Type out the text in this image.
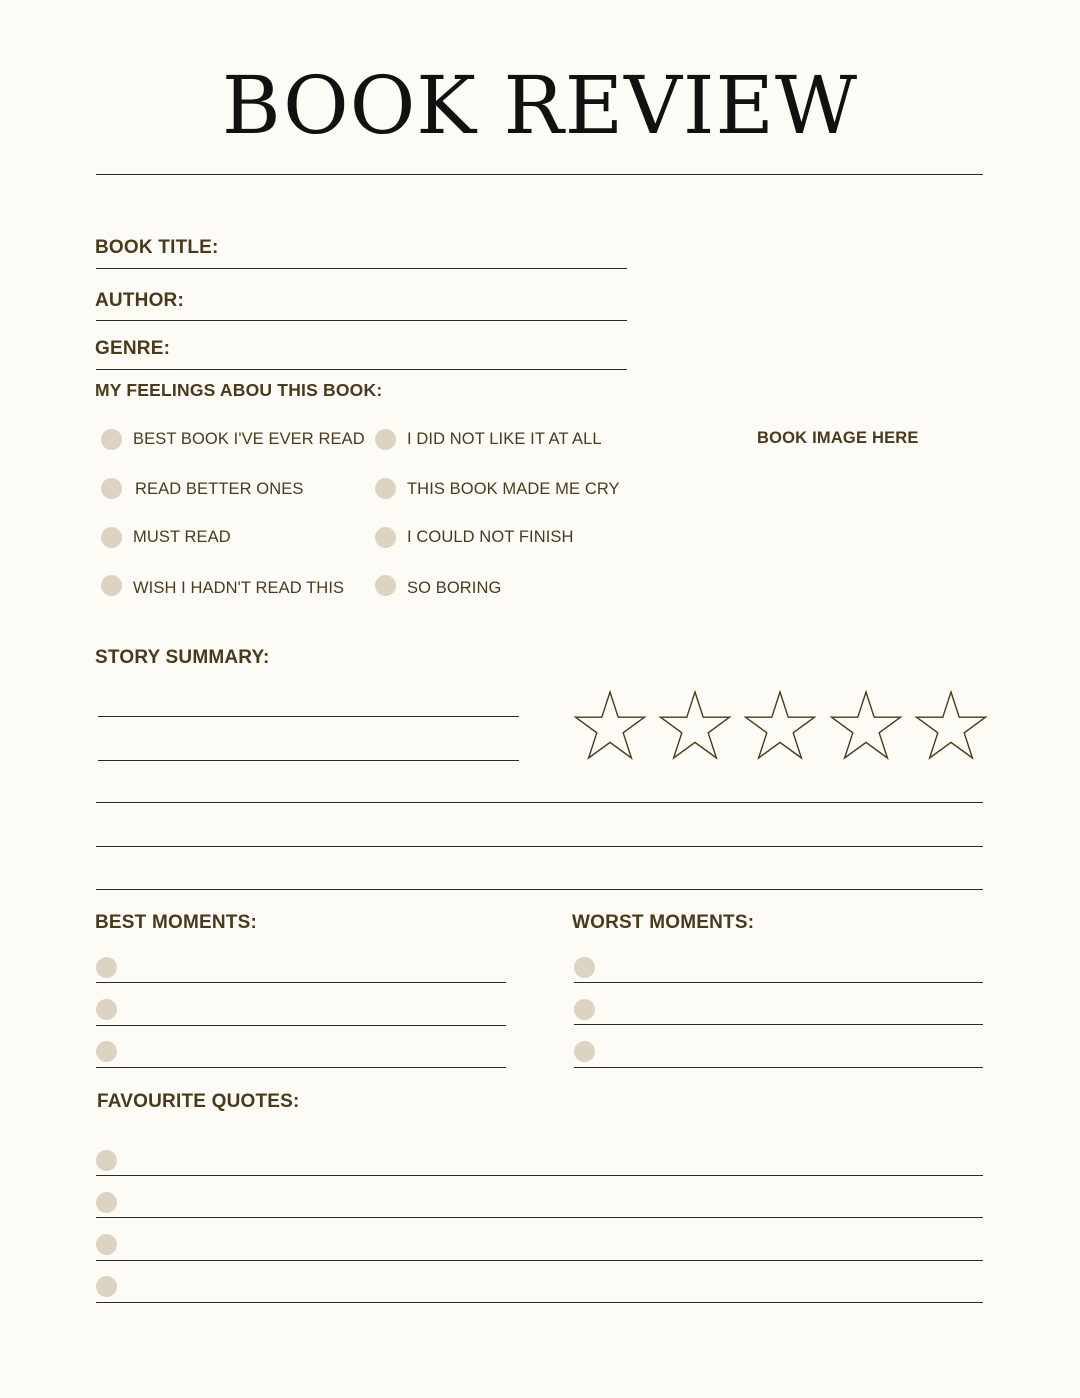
BOOK REVIEW
BOOK TITLE:
AUTHOR:
GENRE:
MY FEELINGS ABOU THIS BOOK:
BEST BOOK I'VE EVER READ
READ BETTER ONES
MUST READ
WISH I HADN'T READ THIS
I DID NOT LIKE IT AT ALL
THIS BOOK MADE ME CRY
I COULD NOT FINISH
SO BORING
BOOK IMAGE HERE
STORY SUMMARY:
BEST MOMENTS:	WORST MOMENTS:
FAVOURITE QUOTES:
